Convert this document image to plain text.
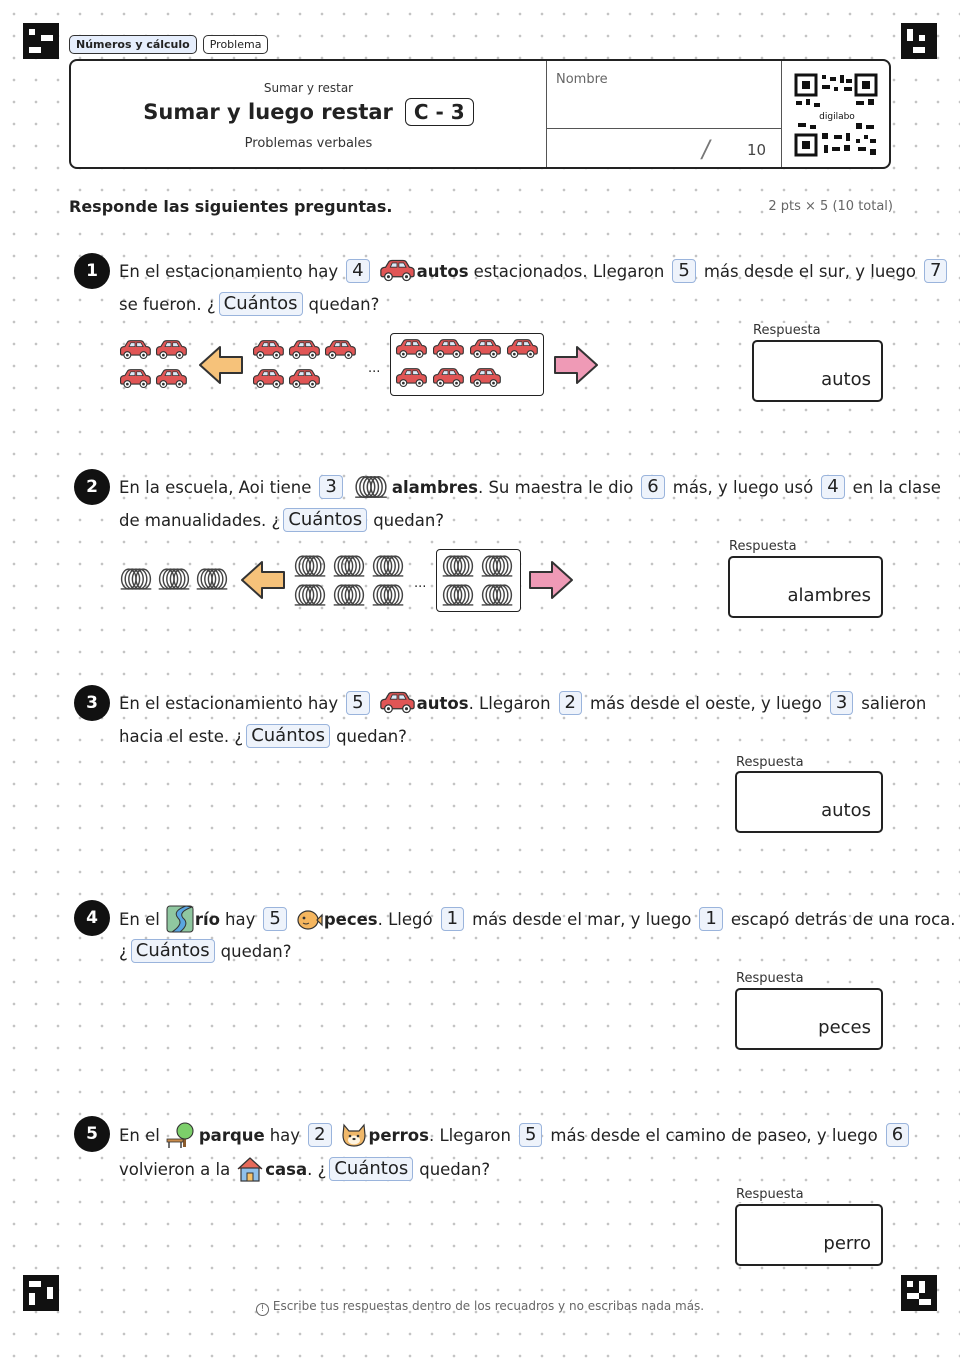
Números y cálculo	Problema
Sumar y restar
Sumar y luego restar	C - 3
Problemas verbales
Nombre
/ 10
digilabo
Responde las siguientes preguntas.	2 pts × 5 (10 total)
1	En el estacionamiento hay 4	autos estacionados. Llegaron 5 más desde el sur, y luego 7
se fueron. ¿ Cuántos quedan?
...
Respuesta
autos
2	En la escuela, Aoi tiene 3	alambres . Su maestra le dio 6 más, y luego usó 4 en la clase
de manualidades. ¿ Cuántos quedan?
...
Respuesta
alambres
3	En el estacionamiento hay 5	autos . Llegaron 2 más desde el oeste, y luego 3 salieron
hacia el este. ¿ Cuántos quedan?
Respuesta
autos
4	En el río hay 5	peces . Llegó 1 más desde el mar, y luego 1 escapó detrás de una roca.
¿ Cuántos quedan?
Respuesta
peces
5	En el parque hay 2	perros . Llegaron 5 más desde el camino de paseo, y luego 6
volvieron a la casa . ¿ Cuántos quedan?
Respuesta
perro
! Escribe tus respuestas dentro de los recuadros y no escribas nada más.
